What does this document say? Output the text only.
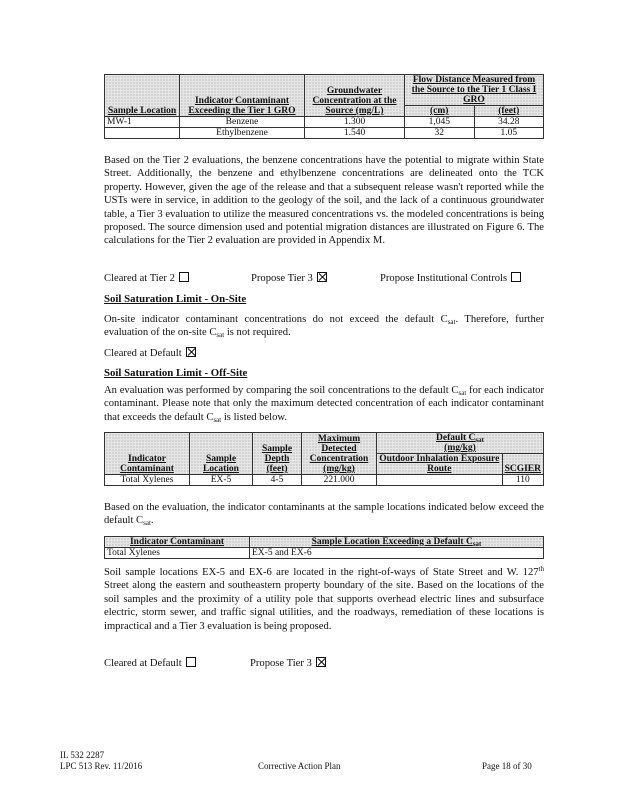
Sample Location	Indicator Contaminant Exceeding the Tier 1 GRO	Groundwater Concentration at the Source (mg/L)	Flow Distance Measured from the Source to the Tier 1 Class I GRO	
			(cm)	(feet)
MW-1	Benzene	1.300	1,045	34.28
	Ethylbenzene	1.540	32	1.05

Based on the Tier 2 evaluations, the benzene concentrations have the potential to migrate within State Street. Additionally, the benzene and ethylbenzene concentrations are delineated onto the TCK property. However, given the age of the release and that a subsequent release wasn't reported while the USTs were in service, in addition to the geology of the soil, and the lack of a continuous groundwater table, a Tier 3 evaluation to utilize the measured concentrations vs. the modeled concentrations is being proposed. The source dimension used and potential migration distances are illustrated on Figure 6. The calculations for the Tier 2 evaluation are provided in Appendix M.

Cleared at Tier 2	Propose Tier 3	Propose Institutional Controls
Soil Saturation Limit - On-Site

On-site indicator contaminant concentrations do not exceed the default $C_{sat}$. Therefore, further evaluation of the on-site $C_{sat}$ is not required.

Cleared at Default
Soil Saturation Limit - Off-Site

An evaluation was performed by comparing the soil concentrations to the default $C_{sat}$ for each indicator contaminant. Please note that only the maximum detected concentration of each indicator contaminant that exceeds the default $C_{sat}$ is listed below.

Indicator Contaminant	Sample Location	Sample Depth (feet)	Maximum Detected Concentration (mg/kg)	Default $C_{sat}$
(mg/kg)	
				Outdoor Inhalation Exposure Route	SCGIER
Total Xylenes	EX-5	4-5	221.000		110

Based on the evaluation, the indicator contaminants at the sample locations indicated below exceed the default $C_{sat}$.

Indicator Contaminant	Sample Location Exceeding a Default $C_{sat}$
Total Xylenes	EX-5 and EX-6

Soil sample locations EX-5 and EX-6 are located in the right-of-ways of State Street and W. 127th Street along the eastern and southeastern property boundary of the site. Based on the locations of the soil samples and the proximity of a utility pole that supports overhead electric lines and subsurface electric, storm sewer, and traffic signal utilities, and the roadways, remediation of these locations is impractical and a Tier 3 evaluation is being proposed.

Cleared at Default	Propose Tier 3
IL 532 2287
LPC 513 Rev. 11/2016	Corrective Action Plan	Page 18 of 30
